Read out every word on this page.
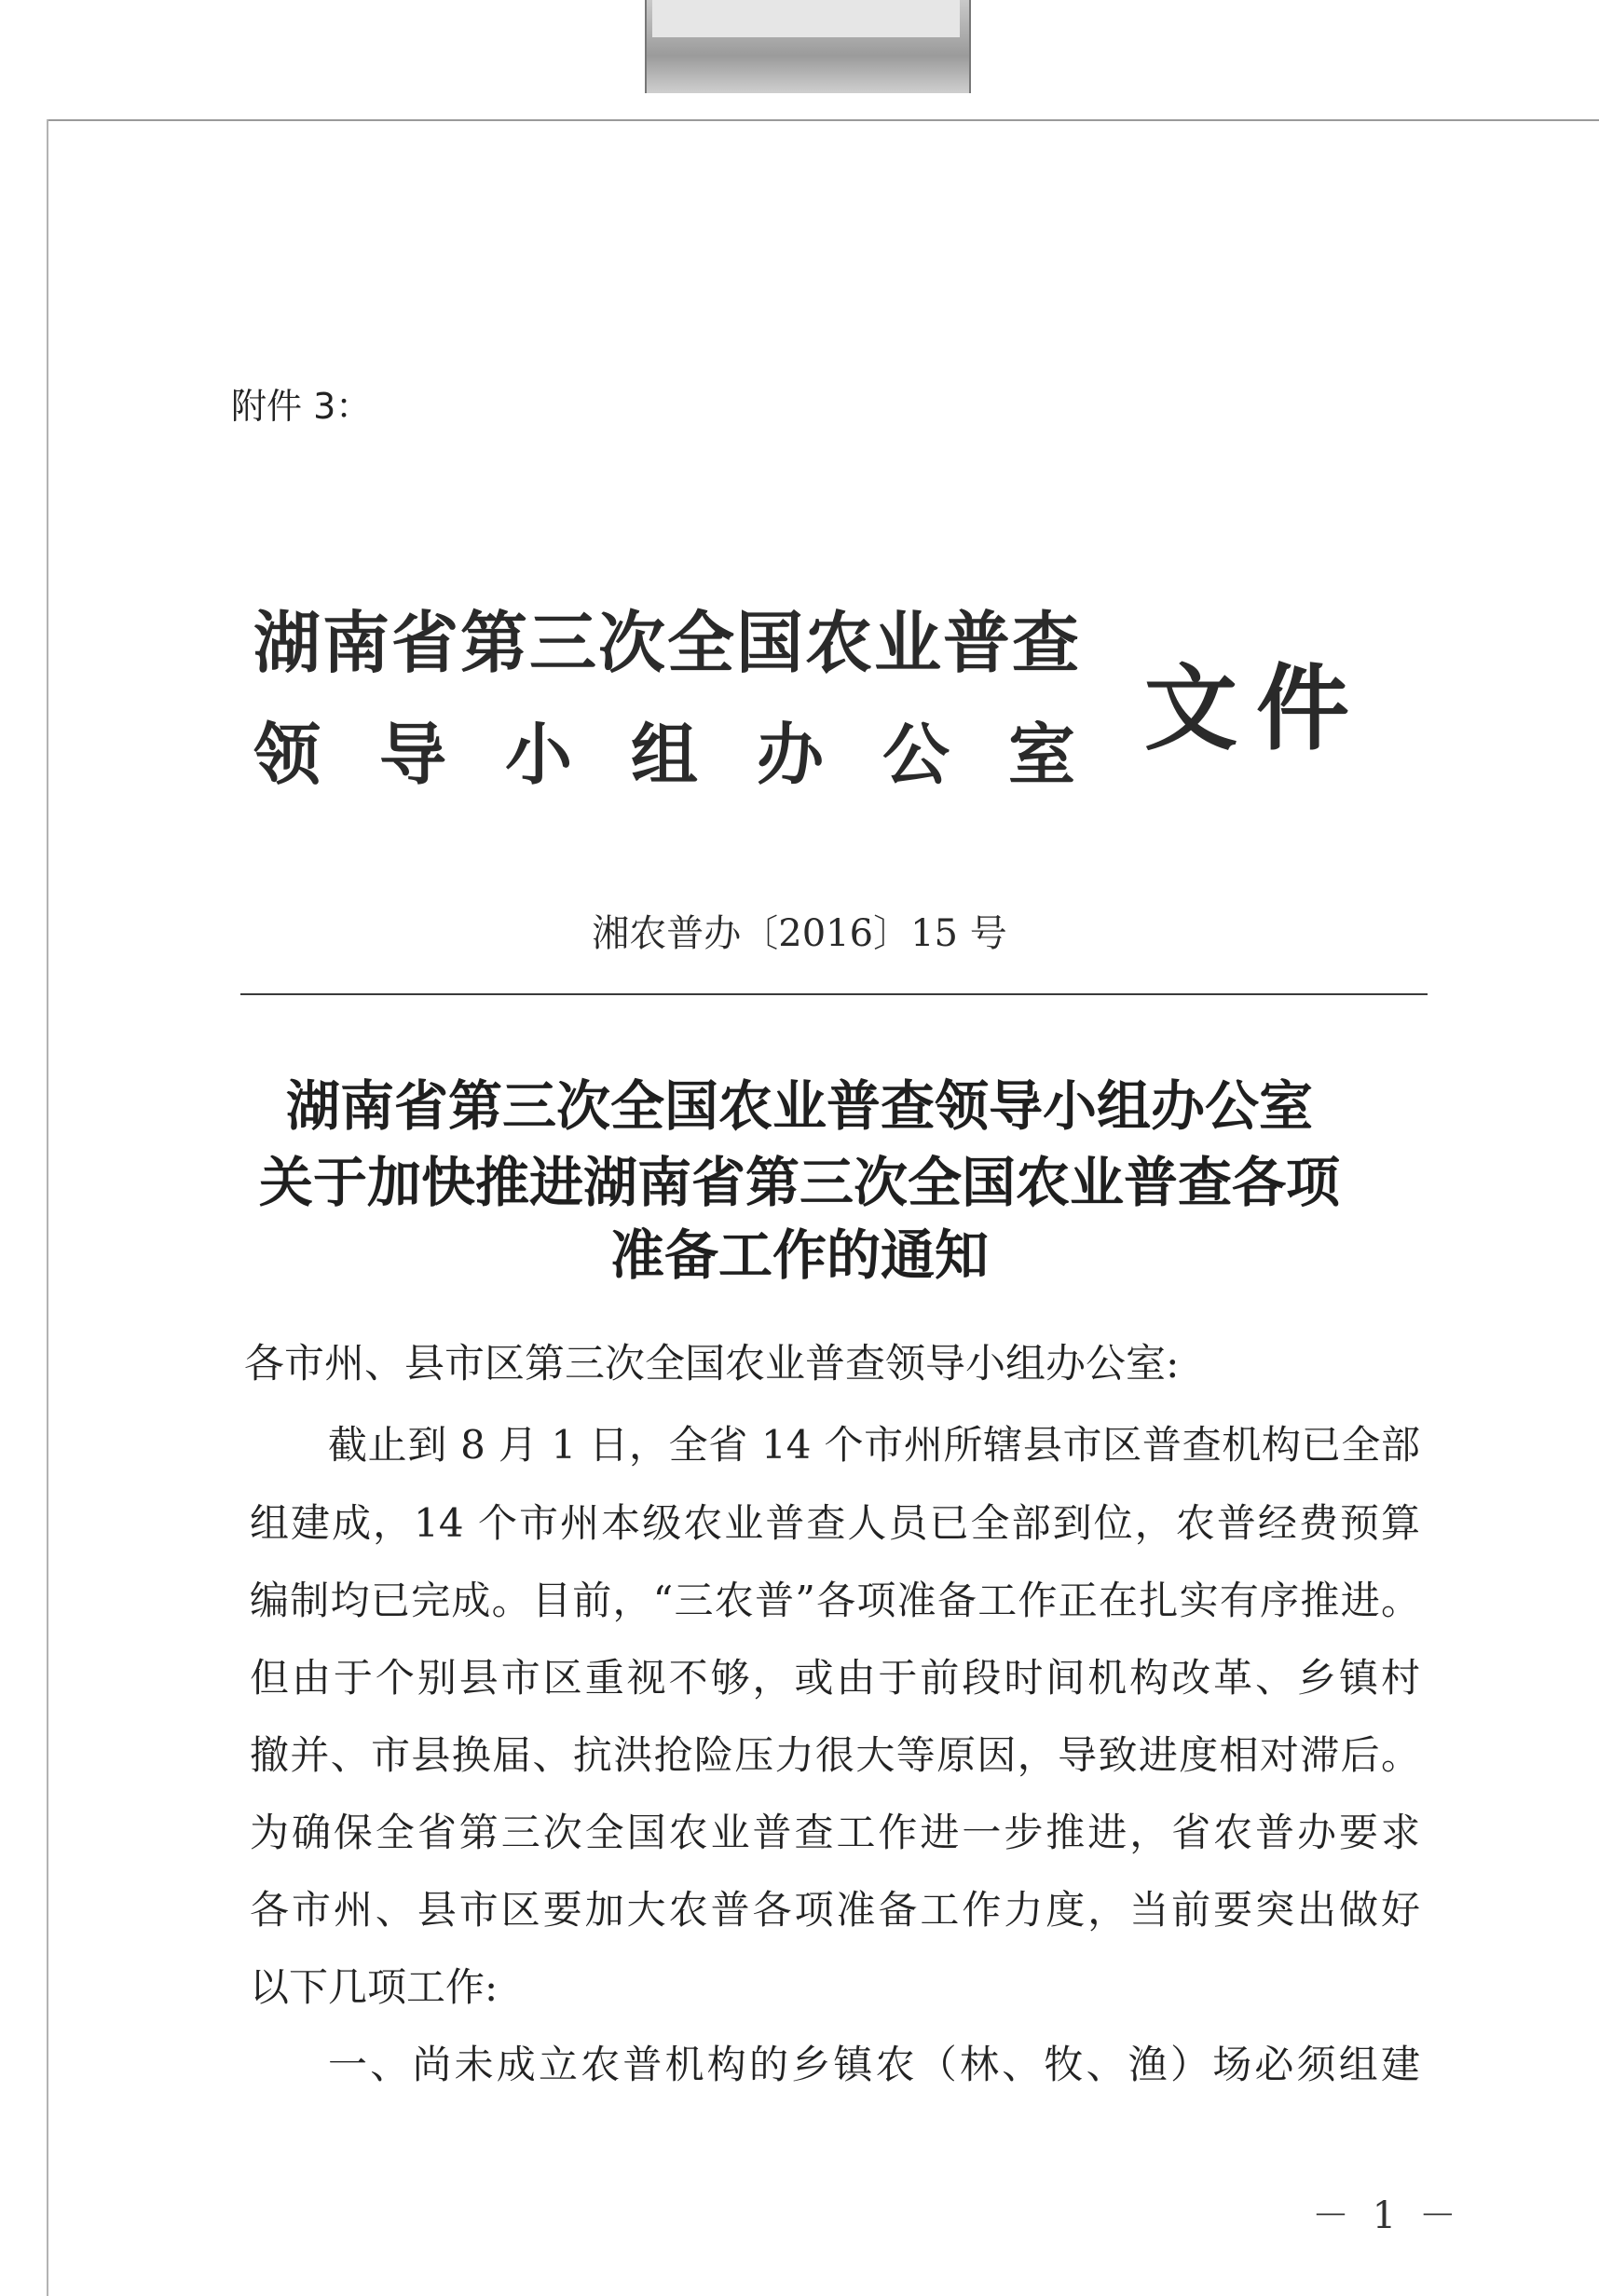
附件 3：
湖南省第三次全国农业普查
领导小组办公室 文件
湘农普办〔2016〕15 号
湖南省第三次全国农业普查领导小组办公室
关于加快推进湖南省第三次全国农业普查各项
准备工作的通知
各市州、县市区第三次全国农业普查领导小组办公室:
截止到 8 月 1 日，全省 14 个市州所辖县市区普查机构已全部
组建成，14 个市州本级农业普查人员已全部到位，农普经费预算
编制均已完成。目前，“三农普”各项准备工作正在扎实有序推进。
但由于个别县市区重视不够，或由于前段时间机构改革、乡镇村
撤并、市县换届、抗洪抢险压力很大等原因，导致进度相对滞后。
为确保全省第三次全国农业普查工作进一步推进，省农普办要求
各市州、县市区要加大农普各项准备工作力度，当前要突出做好
以下几项工作:
一、尚未成立农普机构的乡镇农（林、牧、渔）场必须组建
－ 1 －
